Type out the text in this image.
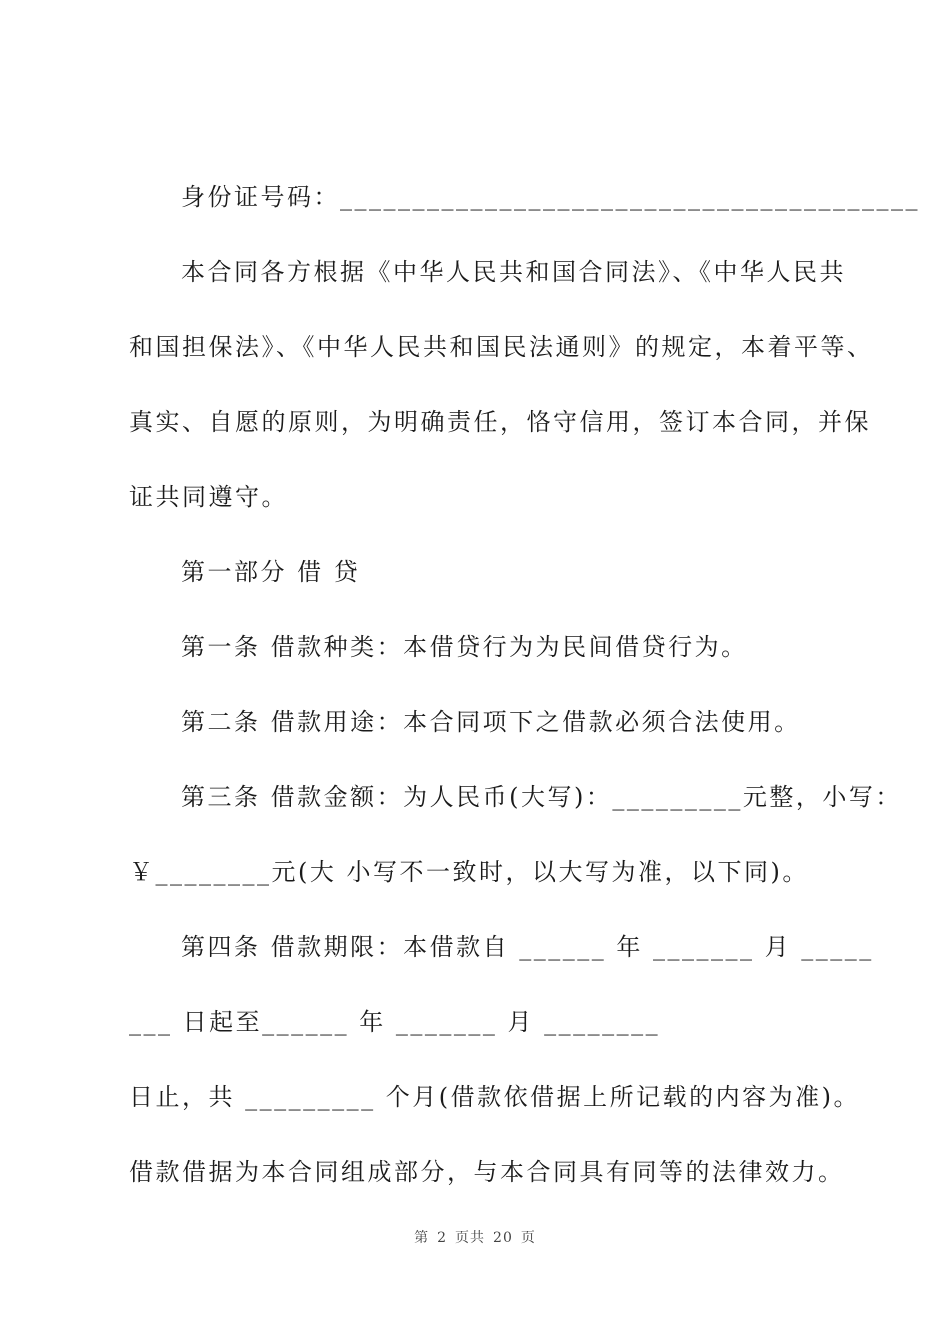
身份证号码：________________________________________
本合同各方根据《中华人民共和国合同法》、《中华人民共
和国担保法》、《中华人民共和国民法通则》的规定，本着平等、
真实、自愿的原则，为明确责任，恪守信用，签订本合同，并保
证共同遵守。
第一部分 借 贷
第一条 借款种类：本借贷行为为民间借贷行为。
第二条 借款用途：本合同项下之借款必须合法使用。
第三条 借款金额：为人民币(大写)：_________元整，小写：
￥________元(大 小写不一致时，以大写为准，以下同)。
第四条 借款期限：本借款自 ______ 年 _______ 月 _____
___ 日起至______ 年 _______ 月 ________
日止，共 _________ 个月(借款依借据上所记载的内容为准)。
借款借据为本合同组成部分，与本合同具有同等的法律效力。
第 2 页共 20 页
